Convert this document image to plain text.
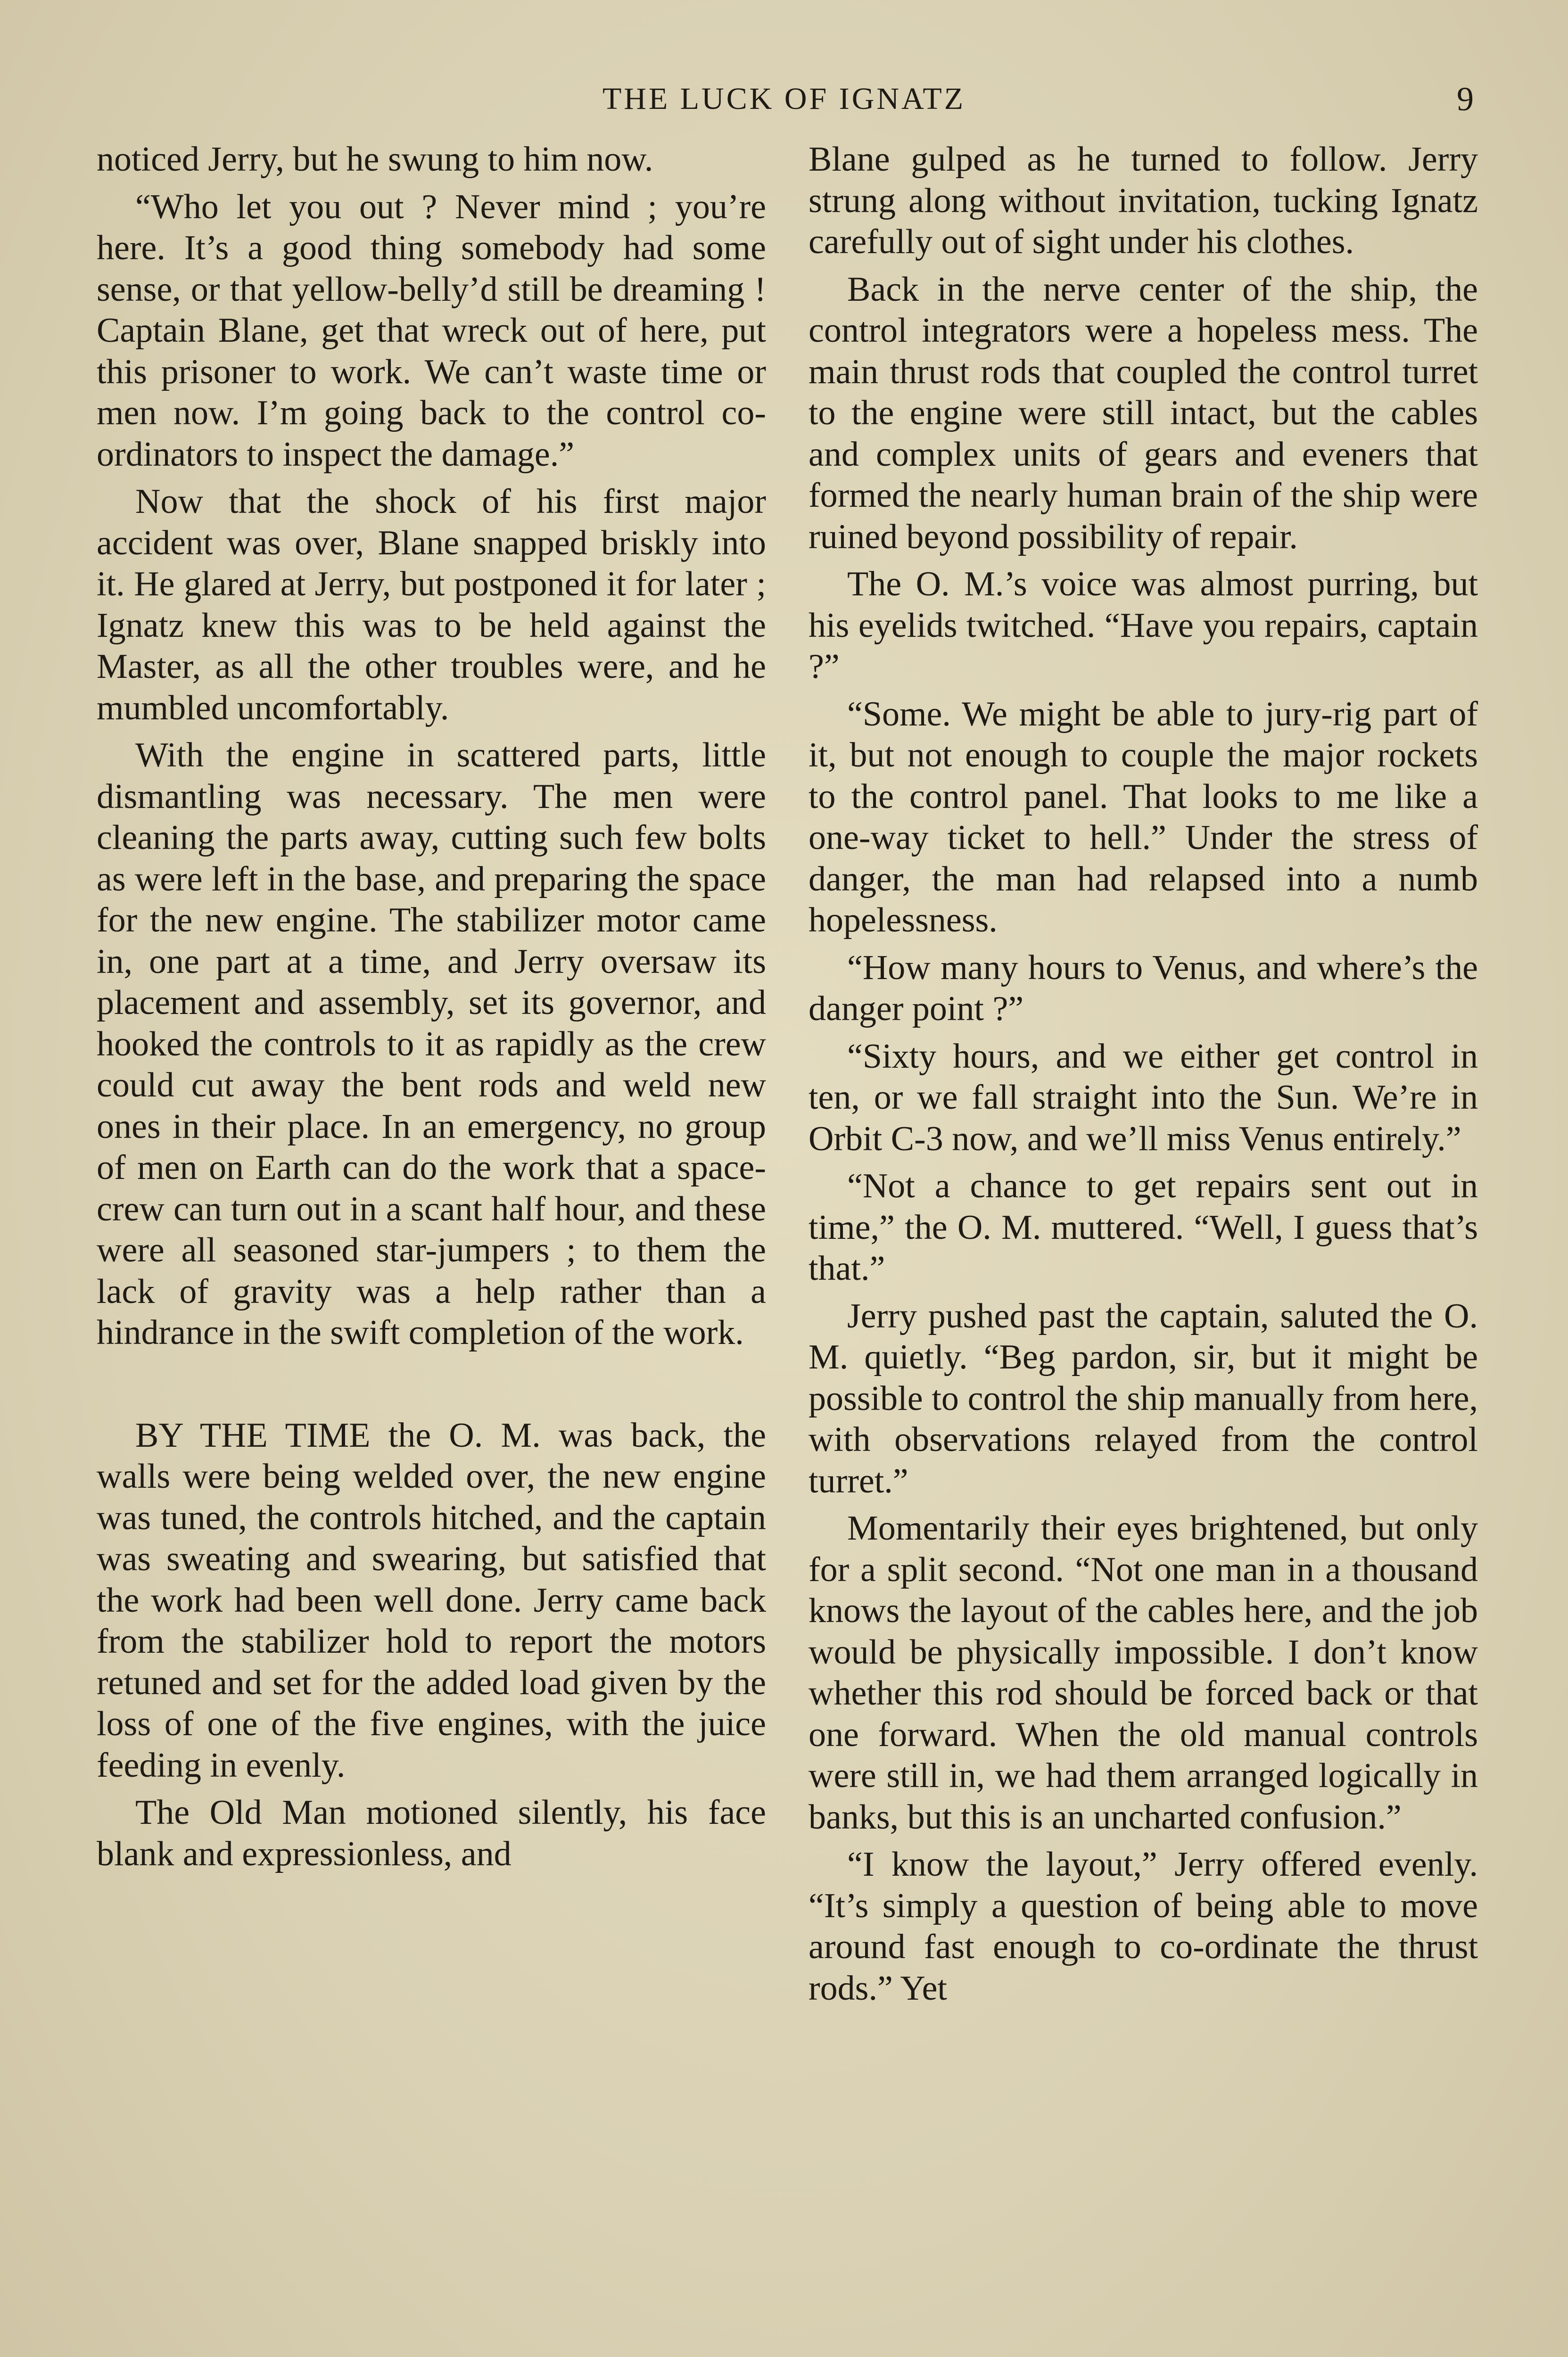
THE LUCK OF IGNATZ	9

noticed Jerry, but he swung to him now.

“Who let you out ? Never mind ; you’re here. It’s a good thing somebody had some sense, or that yellow-belly’d still be dreaming ! Captain Blane, get that wreck out of here, put this prisoner to work. We can’t waste time or men now. I’m going back to the control co-ordinators to inspect the damage.”

Now that the shock of his first major accident was over, Blane snapped briskly into it. He glared at Jerry, but postponed it for later ; Ignatz knew this was to be held against the Master, as all the other troubles were, and he mumbled uncomfortably.

With the engine in scattered parts, little dismantling was necessary. The men were cleaning the parts away, cutting such few bolts as were left in the base, and preparing the space for the new engine. The stabilizer motor came in, one part at a time, and Jerry oversaw its placement and assembly, set its governor, and hooked the controls to it as rapidly as the crew could cut away the bent rods and weld new ones in their place. In an emergency, no group of men on Earth can do the work that a space-crew can turn out in a scant half hour, and these were all seasoned star-jumpers ; to them the lack of gravity was a help rather than a hindrance in the swift completion of the work.

BY THE TIME the O. M. was back, the walls were being welded over, the new engine was tuned, the controls hitched, and the captain was sweating and swearing, but satisfied that the work had been well done. Jerry came back from the stabilizer hold to report the motors retuned and set for the added load given by the loss of one of the five engines, with the juice feeding in evenly.

The Old Man motioned silently, his face blank and expressionless, and

Blane gulped as he turned to follow. Jerry strung along without invitation, tucking Ignatz carefully out of sight under his clothes.

Back in the nerve center of the ship, the control integrators were a hopeless mess. The main thrust rods that coupled the control turret to the engine were still intact, but the cables and complex units of gears and eveners that formed the nearly human brain of the ship were ruined beyond possibility of repair.

The O. M.’s voice was almost purring, but his eyelids twitched. “Have you repairs, captain ?”

“Some. We might be able to jury-rig part of it, but not enough to couple the major rockets to the control panel. That looks to me like a one-way ticket to hell.” Under the stress of danger, the man had relapsed into a numb hopelessness.

“How many hours to Venus, and where’s the danger point ?”

“Sixty hours, and we either get control in ten, or we fall straight into the Sun. We’re in Orbit C-3 now, and we’ll miss Venus entirely.”

“Not a chance to get repairs sent out in time,” the O. M. muttered. “Well, I guess that’s that.”

Jerry pushed past the captain, saluted the O. M. quietly. “Beg pardon, sir, but it might be possible to control the ship manually from here, with observations relayed from the control turret.”

Momentarily their eyes brightened, but only for a split second. “Not one man in a thousand knows the layout of the cables here, and the job would be physically impossible. I don’t know whether this rod should be forced back or that one forward. When the old manual controls were still in, we had them arranged logically in banks, but this is an uncharted confusion.”

“I know the layout,” Jerry offered evenly. “It’s simply a question of being able to move around fast enough to co-ordinate the thrust rods.” Yet
